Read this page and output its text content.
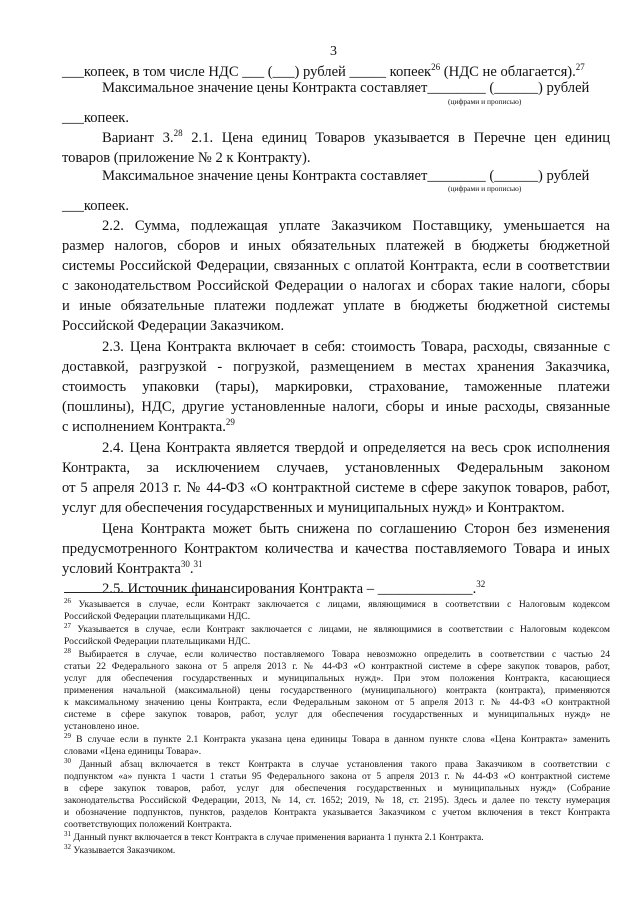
3
___копеек, в том числе НДС ___ (___) рублей _____ копеек$^{26}$ (НДС не облагается).$^{27}$
Максимальное значение цены Контракта составляет________ (______) рублей
(цифрами и прописью)
___копеек.
Вариант 3.28 2.1. Цена единиц Товаров указывается в Перечне цен единиц
товаров (приложение № 2 к Контракту).
Максимальное значение цены Контракта составляет________ (______) рублей
(цифрами и прописью)
___копеек.
2.2. Сумма, подлежащая уплате Заказчиком Поставщику, уменьшается на
размер налогов, сборов и иных обязательных платежей в бюджеты бюджетной
системы Российской Федерации, связанных с оплатой Контракта, если в соответствии
с законодательством Российской Федерации о налогах и сборах такие налоги, сборы
и иные обязательные платежи подлежат уплате в бюджеты бюджетной системы
Российской Федерации Заказчиком.
2.3. Цена Контракта включает в себя: стоимость Товара, расходы, связанные с
доставкой, разгрузкой - погрузкой, размещением в местах хранения Заказчика,
стоимость упаковки (тары), маркировки, страхование, таможенные платежи
(пошлины), НДС, другие установленные налоги, сборы и иные расходы, связанные
с исполнением Контракта.$^{29}$
2.4. Цена Контракта является твердой и определяется на весь срок исполнения
Контракта, за исключением случаев, установленных Федеральным законом
от 5 апреля 2013 г. № 44-ФЗ «О контрактной системе в сфере закупок товаров, работ,
услуг для обеспечения государственных и муниципальных нужд» и Контрактом.
Цена Контракта может быть снижена по соглашению Сторон без изменения
предусмотренного Контрактом количества и качества поставляемого Товара и иных
условий Контракта$^{30}$.$^{31}$
2.5. Источник финансирования Контракта – _____________.$^{32}$
$^{26}$ Указывается в случае, если Контракт заключается с лицами, являющимися в соответствии с Налоговым кодексом
Российской Федерации плательщиками НДС.
$^{27}$ Указывается в случае, если Контракт заключается с лицами, не являющимися в соответствии с Налоговым кодексом
Российской Федерации плательщиками НДС.
$^{28}$ Выбирается в случае, если количество поставляемого Товара невозможно определить в соответствии с частью 24
статьи 22 Федерального закона от 5 апреля 2013 г. № 44-ФЗ «О контрактной системе в сфере закупок товаров, работ,
услуг для обеспечения государственных и муниципальных нужд». При этом положения Контракта, касающиеся
применения начальной (максимальной) цены государственного (муниципального) контракта (контракта), применяются
к максимальному значению цены Контракта, если Федеральным законом от 5 апреля 2013 г. № 44-ФЗ «О контрактной
системе в сфере закупок товаров, работ, услуг для обеспечения государственных и муниципальных нужд» не
установлено иное.
$^{29}$ В случае если в пункте 2.1 Контракта указана цена единицы Товара в данном пункте слова «Цена Контракта» заменить
словами «Цена единицы Товара».
$^{30}$ Данный абзац включается в текст Контракта в случае установления такого права Заказчиком в соответствии с
подпунктом «а» пункта 1 части 1 статьи 95 Федерального закона от 5 апреля 2013 г. № 44-ФЗ «О контрактной системе
в сфере закупок товаров, работ, услуг для обеспечения государственных и муниципальных нужд» (Собрание
законодательства Российской Федерации, 2013, № 14, ст. 1652; 2019, № 18, ст. 2195). Здесь и далее по тексту нумерация
и обозначение подпунктов, пунктов, разделов Контракта указывается Заказчиком с учетом включения в текст Контракта
соответствующих положений Контракта.
$^{31}$ Данный пункт включается в текст Контракта в случае применения варианта 1 пункта 2.1 Контракта.
$^{32}$ Указывается Заказчиком.
